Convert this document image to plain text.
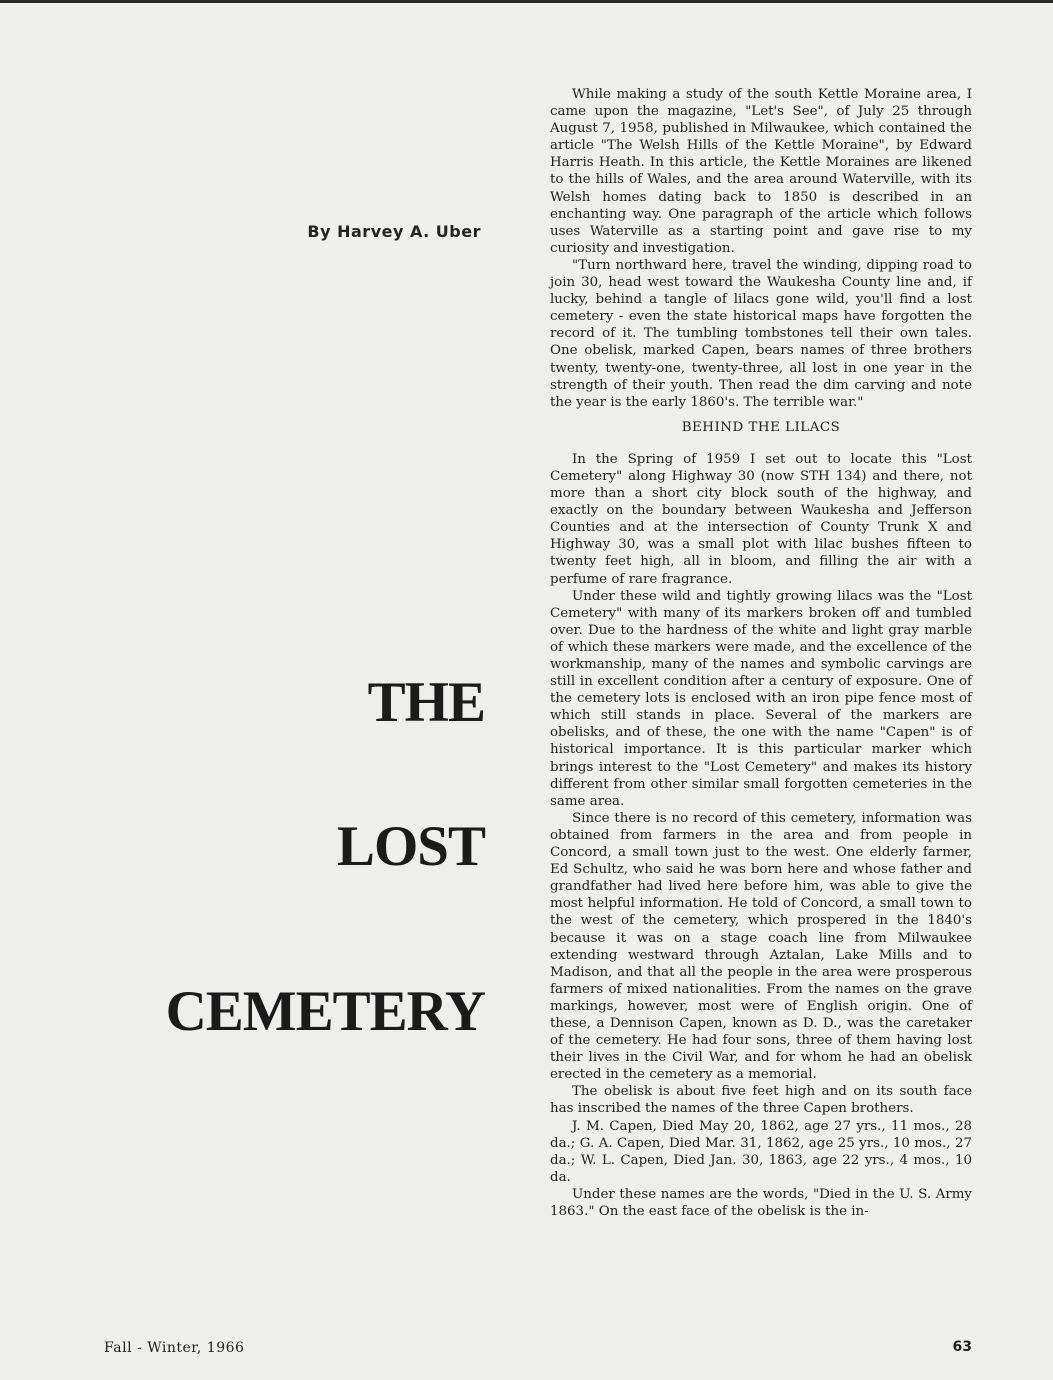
By Harvey A. Uber
THE
LOST
CEMETERY

While making a study of the south Kettle Moraine area, I came upon the magazine, "Let's See", of July 25 through August 7, 1958, published in Milwaukee, which contained the article "The Welsh Hills of the Kettle Moraine", by Edward Harris Heath. In this article, the Kettle Moraines are likened to the hills of Wales, and the area around Waterville, with its Welsh homes dating back to 1850 is described in an enchanting way. One paragraph of the article which follows uses Waterville as a starting point and gave rise to my curiosity and investigation.

"Turn northward here, travel the winding, dipping road to join 30, head west toward the Waukesha County line and, if lucky, behind a tangle of lilacs gone wild, you'll find a lost cemetery - even the state historical maps have forgotten the record of it. The tumbling tombstones tell their own tales. One obelisk, marked Capen, bears names of three brothers twenty, twenty-one, twenty-three, all lost in one year in the strength of their youth. Then read the dim carving and note the year is the early 1860's. The terrible war."

BEHIND THE LILACS

In the Spring of 1959 I set out to locate this "Lost Cemetery" along Highway 30 (now STH 134) and there, not more than a short city block south of the highway, and exactly on the boundary between Waukesha and Jefferson Counties and at the intersection of County Trunk X and Highway 30, was a small plot with lilac bushes fifteen to twenty feet high, all in bloom, and filling the air with a perfume of rare fragrance.

Under these wild and tightly growing lilacs was the "Lost Cemetery" with many of its markers broken off and tumbled over. Due to the hardness of the white and light gray marble of which these markers were made, and the excellence of the workmanship, many of the names and symbolic carvings are still in excellent condition after a century of exposure. One of the cemetery lots is enclosed with an iron pipe fence most of which still stands in place. Several of the markers are obelisks, and of these, the one with the name "Capen" is of historical importance. It is this particular marker which brings interest to the "Lost Cemetery" and makes its history different from other similar small forgotten cemeteries in the same area.

Since there is no record of this cemetery, information was obtained from farmers in the area and from people in Concord, a small town just to the west. One elderly farmer, Ed Schultz, who said he was born here and whose father and grandfather had lived here before him, was able to give the most helpful information. He told of Concord, a small town to the west of the cemetery, which prospered in the 1840's because it was on a stage coach line from Milwaukee extending westward through Aztalan, Lake Mills and to Madison, and that all the people in the area were prosperous farmers of mixed nationalities. From the names on the grave markings, however, most were of English origin. One of these, a Dennison Capen, known as D. D., was the caretaker of the cemetery. He had four sons, three of them having lost their lives in the Civil War, and for whom he had an obelisk erected in the cemetery as a memorial.

The obelisk is about five feet high and on its south face has inscribed the names of the three Capen brothers.

J. M. Capen, Died May 20, 1862, age 27 yrs., 11 mos., 28 da.; G. A. Capen, Died Mar. 31, 1862, age 25 yrs., 10 mos., 27 da.; W. L. Capen, Died Jan. 30, 1863, age 22 yrs., 4 mos., 10 da.

Under these names are the words, "Died in the U. S. Army 1863." On the east face of the obelisk is the in-

Fall - Winter, 1966	63
